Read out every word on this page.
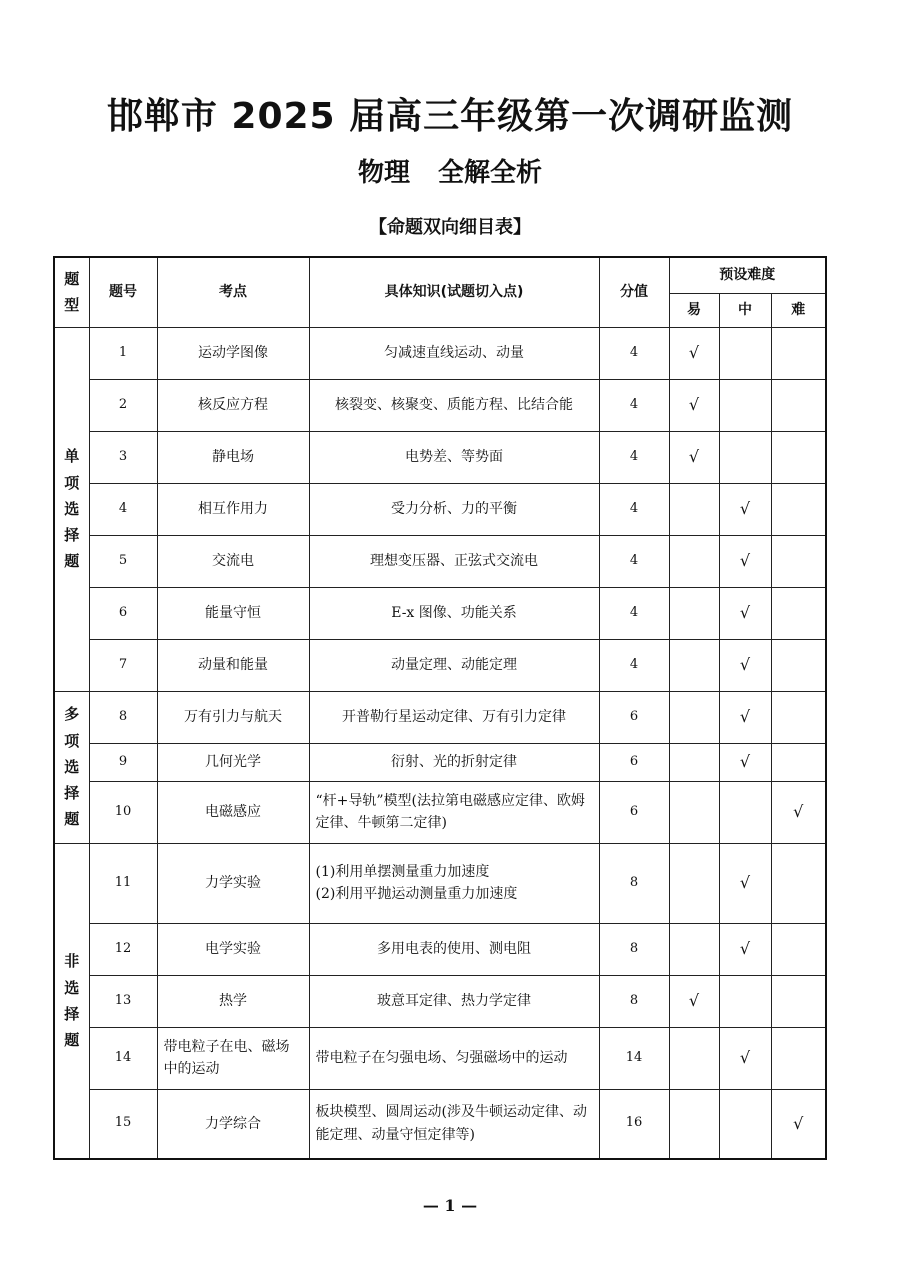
邯郸市 2025 届高三年级第一次调研监测
物理 全解全析
【命题双向细目表】
题
型	题号	考点	具体知识(试题切入点)	分值	预设难度		
					易	中	难

单
项
选
择
题	1	运动学图像	匀减速直线运动、动量	4	√		
	2	核反应方程	核裂变、核聚变、质能方程、比结合能	4	√		
	3	静电场	电势差、等势面	4	√		
	4	相互作用力	受力分析、力的平衡	4		√	
	5	交流电	理想变压器、正弦式交流电	4		√	
	6	能量守恒	E-x 图像、功能关系	4		√	
	7	动量和能量	动量定理、动能定理	4		√	

多
项
选
择
题	8	万有引力与航天	开普勒行星运动定律、万有引力定律	6		√	
	9	几何光学	衍射、光的折射定律	6		√	
	10	电磁感应	“杆+导轨”模型(法拉第电磁感应定律、欧姆定律、牛顿第二定律)	6			√

非
选
择
题	11	力学实验	(1)利用单摆测量重力加速度
(2)利用平抛运动测量重力加速度	8		√	
	12	电学实验	多用电表的使用、测电阻	8		√	
	13	热学	玻意耳定律、热力学定律	8	√		
	14	带电粒子在电、磁场中的运动	带电粒子在匀强电场、匀强磁场中的运动	14		√	
	15	力学综合	板块模型、圆周运动(涉及牛顿运动定律、动能定理、动量守恒定律等)	16			√
— 1 —
